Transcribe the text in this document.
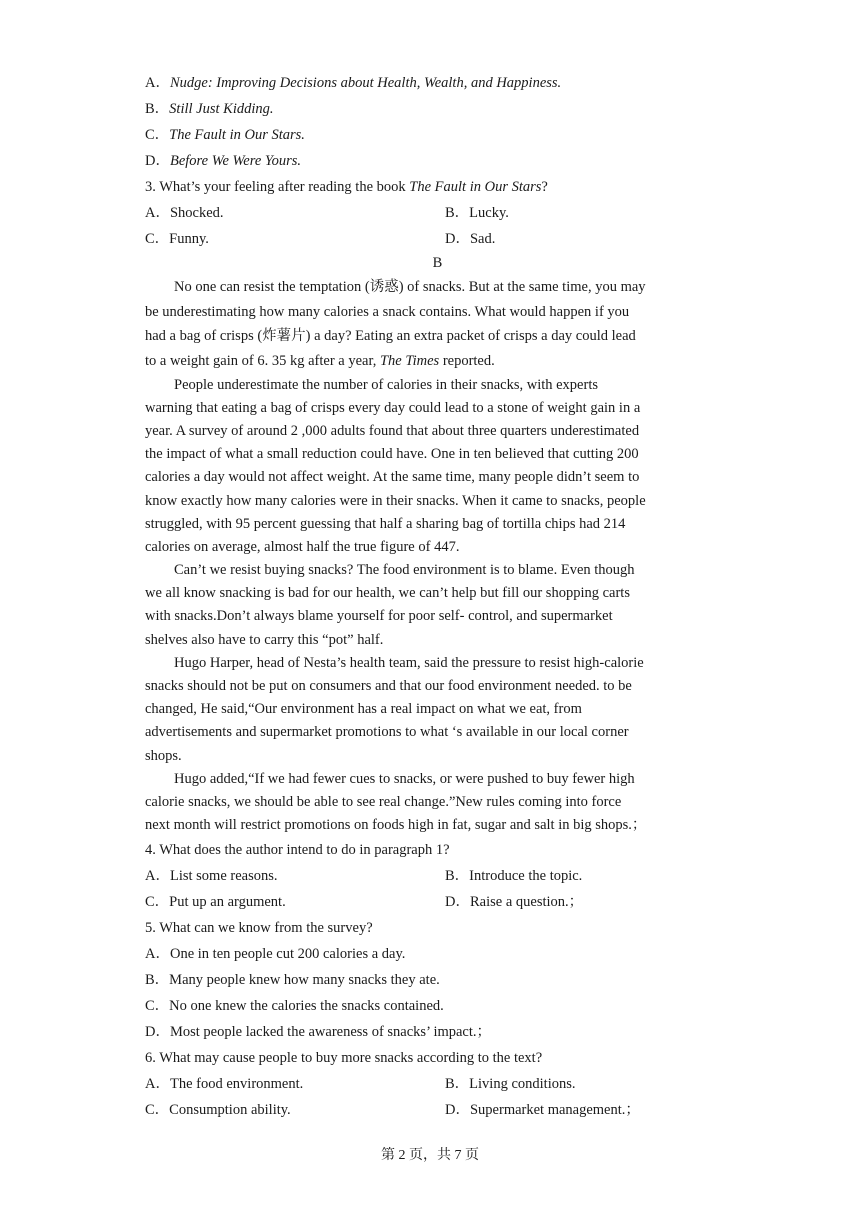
A．Nudge: Improving Decisions about Health, Wealth, and Happiness.
B．Still Just Kidding.
C．The Fault in Our Stars.
D．Before We Were Yours.
3. What’s your feeling after reading the book The Fault in Our Stars?
A．Shocked.	B．Lucky.
C．Funny.	D．Sad.
B
No one can resist the temptation (诱惑) of snacks. But at the same time, you may
be underestimating how many calories a snack contains. What would happen if you
had a bag of crisps (炸薯片) a day? Eating an extra packet of crisps a day could lead
to a weight gain of 6. 35 kg after a year, The Times reported.
People underestimate the number of calories in their snacks, with experts
warning that eating a bag of crisps every day could lead to a stone of weight gain in a
year. A survey of around 2 ,000 adults found that about three quarters underestimated
the impact of what a small reduction could have. One in ten believed that cutting 200
calories a day would not affect weight. At the same time, many people didn’t seem to
know exactly how many calories were in their snacks. When it came to snacks, people
struggled, with 95 percent guessing that half a sharing bag of tortilla chips had 214
calories on average, almost half the true figure of 447.
Can’t we resist buying snacks? The food environment is to blame. Even though
we all know snacking is bad for our health, we can’t help but fill our shopping carts
with snacks.Don’t always blame yourself for poor self- control, and supermarket
shelves also have to carry this “pot” half.
Hugo Harper, head of Nesta’s health team, said the pressure to resist high-calorie
snacks should not be put on consumers and that our food environment needed. to be
changed, He said,“Our environment has a real impact on what we eat, from
advertisements and supermarket promotions to what ‘s available in our local corner
shops.
Hugo added,“If we had fewer cues to snacks, or were pushed to buy fewer high
calorie snacks, we should be able to see real change.”New rules coming into force
next month will restrict promotions on foods high in fat, sugar and salt in big shops.；
4. What does the author intend to do in paragraph 1?
A．List some reasons.	B．Introduce the topic.
C．Put up an argument.	D．Raise a question.；
5. What can we know from the survey?
A．One in ten people cut 200 calories a day.
B．Many people knew how many snacks they ate.
C．No one knew the calories the snacks contained.
D．Most people lacked the awareness of snacks’ impact.；
6. What may cause people to buy more snacks according to the text?
A．The food environment.	B．Living conditions.
C．Consumption ability.	D．Supermarket management.；
第 2 页，共 7 页
